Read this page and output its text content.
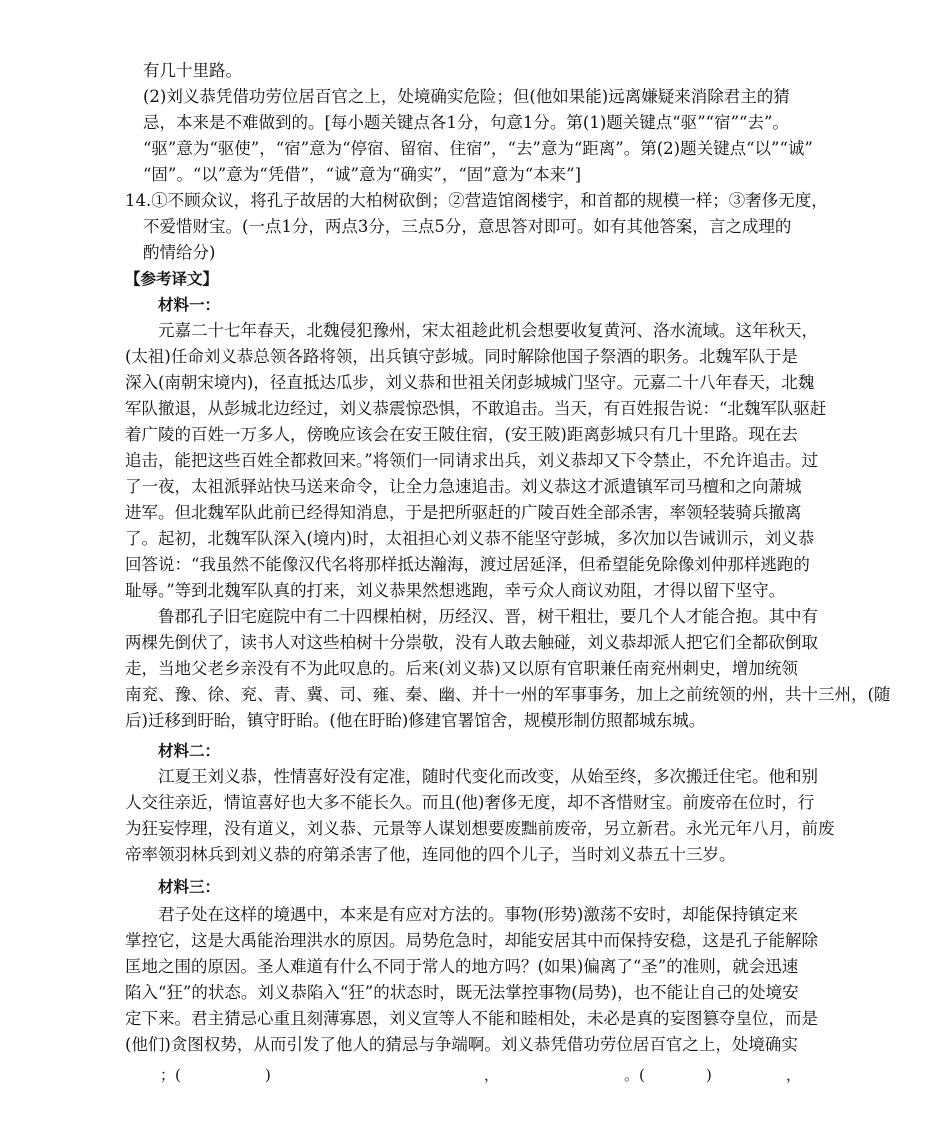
有几十里路。
(2)刘义恭凭借功劳位居百官之上，处境确实危险；但(他如果能)远离嫌疑来消除君主的猜
忌，本来是不难做到的。[每小题关键点各1分，句意1分。第(1)题关键点“驱”“宿”“去”。
“驱”意为“驱使”，“宿”意为“停宿、留宿、住宿”，“去”意为“距离”。第(2)题关键点“以”“诚”
“固”。“以”意为“凭借”，“诚”意为“确实”，“固”意为“本来”]
14.①不顾众议，将孔子故居的大柏树砍倒；②营造馆阁楼宇，和首都的规模一样；③奢侈无度，
不爱惜财宝。(一点1分，两点3分，三点5分，意思答对即可。如有其他答案，言之成理的
酌情给分)
【参考译文】
材料一：
元嘉二十七年春天，北魏侵犯豫州，宋太祖趁此机会想要收复黄河、洛水流域。这年秋天，
(太祖)任命刘义恭总领各路将领，出兵镇守彭城。同时解除他国子祭酒的职务。北魏军队于是
深入(南朝宋境内)，径直抵达瓜步，刘义恭和世祖关闭彭城城门坚守。元嘉二十八年春天，北魏
军队撤退，从彭城北边经过，刘义恭震惊恐惧，不敢追击。当天，有百姓报告说：“北魏军队驱赶
着广陵的百姓一万多人，傍晚应该会在安王陂住宿，(安王陂)距离彭城只有几十里路。现在去
追击，能把这些百姓全都救回来。”将领们一同请求出兵，刘义恭却又下令禁止，不允许追击。过
了一夜，太祖派驿站快马送来命令，让全力急速追击。刘义恭这才派遣镇军司马檀和之向萧城
进军。但北魏军队此前已经得知消息，于是把所驱赶的广陵百姓全部杀害，率领轻装骑兵撤离
了。起初，北魏军队深入(境内)时，太祖担心刘义恭不能坚守彭城，多次加以告诫训示，刘义恭
回答说：“我虽然不能像汉代名将那样抵达瀚海，渡过居延泽，但希望能免除像刘仲那样逃跑的
耻辱。”等到北魏军队真的打来，刘义恭果然想逃跑，幸亏众人商议劝阻，才得以留下坚守。
鲁郡孔子旧宅庭院中有二十四棵柏树，历经汉、晋，树干粗壮，要几个人才能合抱。其中有
两棵先倒伏了，读书人对这些柏树十分崇敬，没有人敢去触碰，刘义恭却派人把它们全都砍倒取
走，当地父老乡亲没有不为此叹息的。后来(刘义恭)又以原有官职兼任南兖州刺史，增加统领
南兖、豫、徐、兖、青、冀、司、雍、秦、幽、并十一州的军事事务，加上之前统领的州，共十三州，(随
后)迁移到盱眙，镇守盱眙。(他在盱眙)修建官署馆舍，规模形制仿照都城东城。
材料二：
江夏王刘义恭，性情喜好没有定准，随时代变化而改变，从始至终，多次搬迁住宅。他和别
人交往亲近，情谊喜好也大多不能长久。而且(他)奢侈无度，却不吝惜财宝。前废帝在位时，行
为狂妄悖理，没有道义，刘义恭、元景等人谋划想要废黜前废帝，另立新君。永光元年八月，前废
帝率领羽林兵到刘义恭的府第杀害了他，连同他的四个儿子，当时刘义恭五十三岁。
材料三：
君子处在这样的境遇中，本来是有应对方法的。事物(形势)激荡不安时，却能保持镇定来
掌控它，这是大禹能治理洪水的原因。局势危急时，却能安居其中而保持安稳，这是孔子能解除
匡地之围的原因。圣人难道有什么不同于常人的地方吗？(如果)偏离了“圣”的准则，就会迅速
陷入“狂”的状态。刘义恭陷入“狂”的状态时，既无法掌控事物(局势)，也不能让自己的处境安
定下来。君主猜忌心重且刻薄寡恩，刘义宣等人不能和睦相处，未必是真的妄图篡夺皇位，而是
(他们)贪图权势，从而引发了他人的猜忌与争端啊。刘义恭凭借功劳位居百官之上，处境确实
；(	)	，	。(	)	，
